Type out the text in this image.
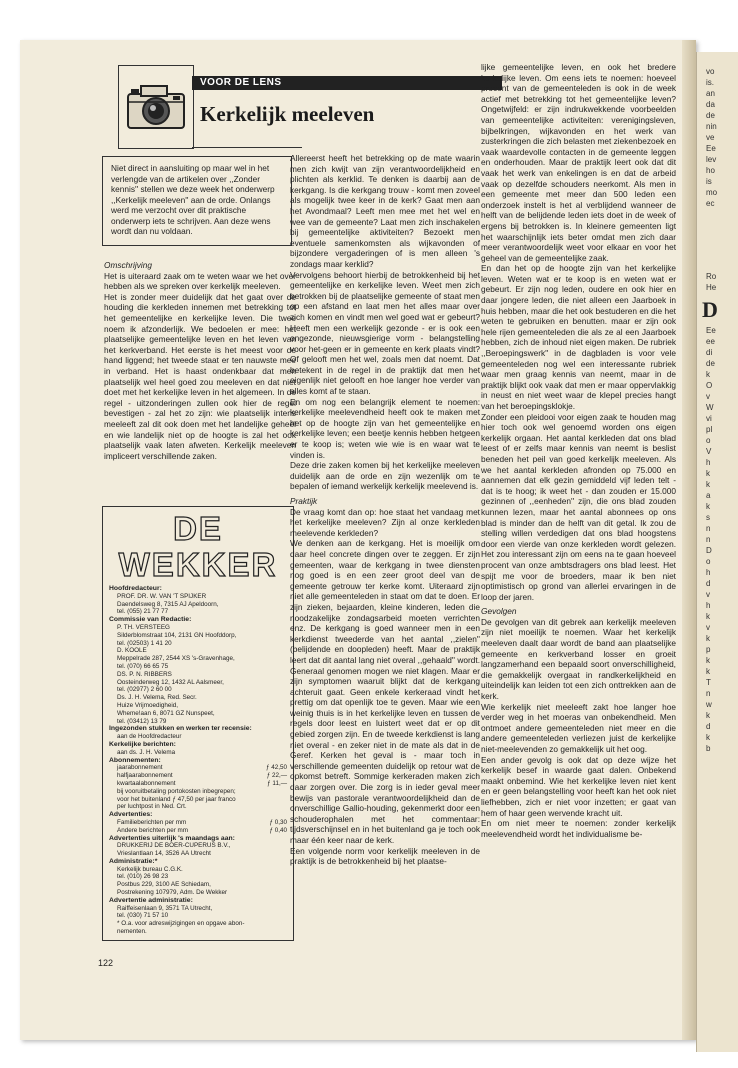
VOOR DE LENS
Kerkelijk meeleven
Niet direct in aansluiting op maar wel in het verlengde van de artikelen over ,,Zonder kennis'' stellen we deze week het onderwerp ,,Kerkelijk meeleven'' aan de orde. Onlangs werd me verzocht over dit praktische onderwerp iets te schrijven. Aan deze wens wordt dan nu voldaan.

Omschrijving

Het is uiteraard zaak om te weten waar we het over hebben als we spreken over kerkelijk meeleven.

Het is zonder meer duidelijk dat het gaat over de houding die kerkleden innemen met betrekking tot het gemeentelijke en kerkelijke leven. Die twee noem ik afzonderlijk. We bedoelen er mee: het plaatselijke gemeentelijke leven en het leven van het kerkverband. Het eerste is het meest voor de hand liggend; het tweede staat er ten nauwste mee in verband. Het is haast ondenkbaar dat men plaatselijk wel heel goed zou meeleven en dat niet doet met het kerkelijke leven in het algemeen. In de regel - uitzonderingen zullen ook hier de regel bevestigen - zal het zo zijn: wie plaatselijk intens meeleeft zal dit ook doen met het landelijke geheel en wie landelijk niet op de hoogte is zal het ook plaatselijk vaak laten afweten. Kerkelijk meeleven impliceert verschillende zaken.

DE WEKKER
Hoofdredacteur:
PROF. DR. W. VAN 'T SPIJKER
Daendelsweg 8, 7315 AJ Apeldoorn,
tel. (055) 21 77 77
Commissie van Redactie:
P. TH. VERSTEEG
Silderblomstraat 104, 2131 GN Hoofddorp,
tel. (02503) 1 41 20
D. KOOLE
Meppelrade 287, 2544 XS 's-Gravenhage,
tel. (070) 66 65 75
DS. P. N. RIBBERS
Oosteinderweg 12, 1432 AL Aalsmeer,
tel. (02977) 2 60 00
Ds. J. H. Velema, Red. Secr.
Huize Vrijmoedigheid,
Wheme!aan 6, 8071 GZ Nunspeet,
tel. (03412) 13 79
Ingezonden stukken en werken ter recensie:
aan de Hoofdredacteur
Kerkelijke berichten:
aan ds. J. H. Velema
Abonnementen:
jaarabonnement	ƒ 42,50
halfjaarabonnement	ƒ 22,—
kwartaalabonnement	ƒ 11,—
bij vooruitbetaling portokosten inbegrepen;
voor het buitenland ƒ 47,50 per jaar franco
per luchtpost in Ned. Crt.
Advertenties:
Familieberichten per mm	ƒ 0,30
Andere berichten per mm	ƒ 0,40
Advertenties uiterlijk 's maandags aan:
DRUKKERIJ DE BOER-CUPERUS B.V.,
Vrieslantlaan 14, 3526 AA Utrecht
Administratie:*
Kerkelijk bureau C.G.K.
tel. (010) 26 98 23
Postbus 229, 3100 AE Schiedam,
Postrekening 107979, Adm. De Wekker
Advertentie administratie:
Raiffeisenlaan 9, 3571 TA Utrecht,
tel. (030) 71 57 10
* O.a. voor adreswijzigingen en opgave abon-
nementen.

Allereerst heeft het betrekking op de mate waarin men zich kwijt van zijn verantwoordelijkheid en plichten als kerklid. Te denken is daarbij aan de kerkgang. Is die kerkgang trouw - komt men zoveel als mogelijk twee keer in de kerk? Gaat men aan het Avondmaal? Leeft men mee met het wel en wee van de gemeente? Laat men zich inschakelen bij gemeentelijke aktiviteiten? Bezoekt men eventuele samenkomsten als wijkavonden of bijzondere vergaderingen of is men alleen 's zondags maar kerklid?

Vervolgens behoort hierbij de betrokkenheid bij het gemeentelijke en kerkelijke leven. Weet men zich betrokken bij de plaatselijke gemeente of staat men op een afstand en laat men het alles maar over zich komen en vindt men wel goed wat er gebeurt? Heeft men een werkelijk gezonde - er is ook een ongezonde, nieuwsgierige vorm - belangstelling voor het-geen er in gemeente en kerk plaats vindt? Of gelooft men het wel, zoals men dat noemt. Dat betekent in de regel in de praktijk dat men het eigenlijk niet gelooft en hoe langer hoe verder van alles komt af te staan.

En om nog een belangrijk element te noemen: kerkelijke meelevendheid heeft ook te maken met het op de hoogte zijn van het gemeentelijke en kerkelijke leven; een beetje kennis hebben hetgeen er te koop is; weten wie wie is en waar wat te vinden is.

Deze drie zaken komen bij het kerkelijke meeleven duidelijk aan de orde en zijn wezenlijk om te bepalen of iemand werkelijk kerkelijk meelevend is.

Praktijk

De vraag komt dan op: hoe staat het vandaag met het kerkelijke meeleven? Zijn al onze kerkleden meelevende kerkleden?

We denken aan de kerkgang. Het is moeilijk om daar heel concrete dingen over te zeggen. Er zijn gemeenten, waar de kerkgang in twee diensten nog goed is en een zeer groot deel van de gemeente getrouw ter kerke komt. Uiteraard zijn niet alle gemeenteleden in staat om dat te doen. Er zijn zieken, bejaarden, kleine kinderen, leden die noodzakelijke zondagsarbeid moeten verrichten enz. De kerkgang is goed wanneer men in een kerkdienst tweederde van het aantal ,,zielen'' (belijdende en doopleden) heeft. Maar de praktijk leert dat dit aantal lang niet overal ,,gehaald'' wordt. Generaal genomen mogen we niet klagen. Maar er zijn symptomen waaruit blijkt dat de kerkgang achteruit gaat. Geen enkele kerkeraad vindt het prettig om dat openlijk toe te geven. Maar wie een weinig thuis is in het kerkelijke leven en tussen de regels door leest en luistert weet dat er op dit gebied zorgen zijn. En de tweede kerkdienst is lang niet overal - en zeker niet in de mate als dat in de Geref. Kerken het geval is - maar toch in verschillende gemeenten duidelijk op retour wat de opkomst betreft. Sommige kerkeraden maken zich daar zorgen over. Die zorg is in ieder geval meer bewijs van pastorale verantwoordelijkheid dan de onverschillige Gallio-houding, gekenmerkt door een schouderophalen met het commentaar: tijdsverschijnsel en in het buitenland ga je toch ook maar één keer naar de kerk.

Een volgende norm voor kerkelijk meeleven in de praktijk is de betrokkenheid bij het plaatse-

lijke gemeentelijke leven, en ook het bredere kerkelijke leven. Om eens iets te noemen: hoeveel procent van de gemeenteleden is ook in de week actief met betrekking tot het gemeentelijke leven? Ongetwijfeld: er zijn indrukwekkende voorbeelden van gemeentelijke activiteiten: verenigingsleven, bijbelkringen, wijkavonden en het werk van zusterkringen die zich belasten met ziekenbezoek en vaak waardevolle contacten in de gemeente leggen en onderhouden. Maar de praktijk leert ook dat dit vaak het werk van enkelingen is en dat de arbeid vaak op dezelfde schouders neerkomt. Als men in een gemeente met meer dan 500 leden een onderzoek instelt is het al verblijdend wanneer de helft van de belijdende leden iets doet in de week of ergens bij betrokken is. In kleinere gemeenten ligt het waarschijnlijk iets beter omdat men zich daar meer verantwoordelijk weet voor elkaar en voor het geheel van de gemeentelijke zaak.

En dan het op de hoogte zijn van het kerkelijke leven. Weten wat er te koop is en weten wat er gebeurt. Er zijn nog leden, oudere en ook hier en daar jongere leden, die niet alleen een Jaarboek in huis hebben, maar die het ook bestuderen en die het weten te gebruiken en benutten. maar er zijn ook hele rijen gemeenteleden die als ze al een Jaarboek hebben, zich de inhoud niet eigen maken. De rubriek ,,Beroepingswerk'' in de dagbladen is voor vele gemeenteleden nog wel een interessante rubriek waar men graag kennis van neemt, maar in de praktijk blijkt ook vaak dat men er maar oppervlakkig in neust en niet weet waar de klepel precies hangt van het beroepingsklokje.

Zonder een pleidooi voor eigen zaak te houden mag hier toch ook wel genoemd worden ons eigen kerkelijk orgaan. Het aantal kerkleden dat ons blad leest of er zelfs maar kennis van neemt is beslist beneden het peil van goed kerkelijk meeleven. Als we het aantal kerkleden afronden op 75.000 en aannemen dat elk gezin gemiddeld vijf leden telt - dat is te hoog; ik weet het - dan zouden er 15.000 gezinnen of ,,eenheden'' zijn, die ons blad zouden kunnen lezen, maar het aantal abonnees op ons blad is minder dan de helft van dit getal. Ik zou de stelling willen verdedigen dat ons blad hoogstens door een vierde van onze kerkleden wordt gelezen. Het zou interessant zijn om eens na te gaan hoeveel procent van onze ambtsdragers ons blad leest. Het spijt me voor de broeders, maar ik ben niet optimistisch op grond van allerlei ervaringen in de loop der jaren.

Gevolgen

De gevolgen van dit gebrek aan kerkelijk meeleven zijn niet moeilijk te noemen. Waar het kerkelijk meeleven daalt daar wordt de band aan plaatselijke gemeente en kerkverband losser en groeit langzamerhand een bepaald soort onverschilligheid, die gemakkelijk overgaat in randkerkelijkheid en uiteindelijk kan leiden tot een zich onttrekken aan de kerk.

Wie kerkelijk niet meeleeft zakt hoe langer hoe verder weg in het moeras van onbekendheid. Men ontmoet andere gemeenteleden niet meer en die andere gemeenteleden verliezen juist de kerkelijke niet-meelevenden zo gemakkelijk uit het oog.

Een ander gevolg is ook dat op deze wijze het kerkelijk besef in waarde gaat dalen. Onbekend maakt onbemind. Wie het kerkelijke leven niet kent en er geen belangstelling voor heeft kan het ook niet liefhebben, zich er niet voor inzetten; er gaat van hem of haar geen wervende kracht uit.

En om niet meer te noemen: zonder kerkelijk meelevendheid wordt het individualisme be-

122
vo
is.
an
da
de
nin
ve
Ee
lev
ho
is
mo
ec
Ro
He
D
Ee
ee
di
de
k
O
v
W
vi
pl
o
V
h
k
k
a
k
s
n
n
D
o
h
d
v
h
k
v
k
p
k
k
T
n
w
k
d
k
b
